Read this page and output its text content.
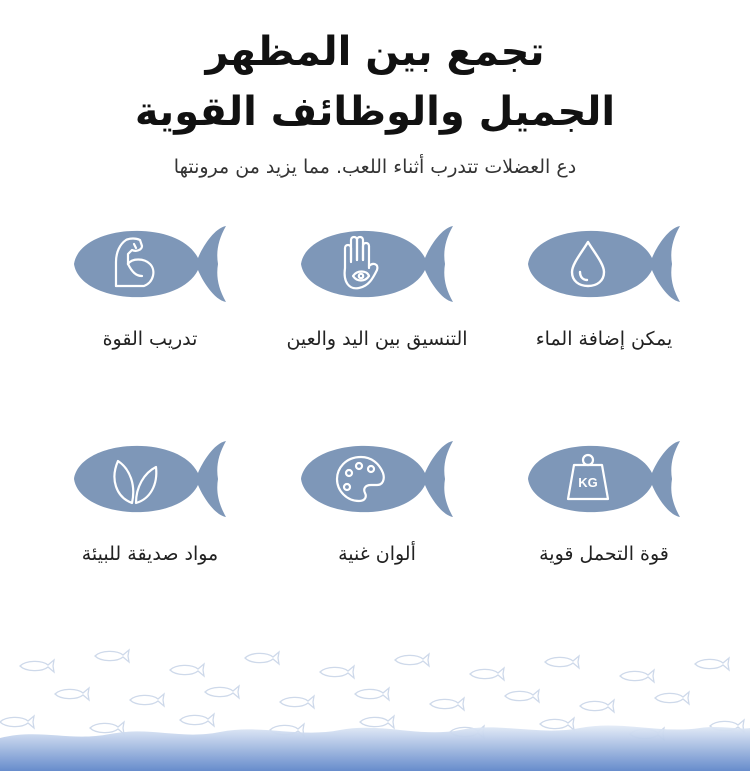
تجمع بين المظهر
الجميل والوظائف القوية
دع العضلات تتدرب أثناء اللعب. مما يزيد من مرونتها
يمكن إضافة الماء
التنسيق بين اليد والعين
تدريب القوة
KG
قوة التحمل قوية
ألوان غنية
مواد صديقة للبيئة
